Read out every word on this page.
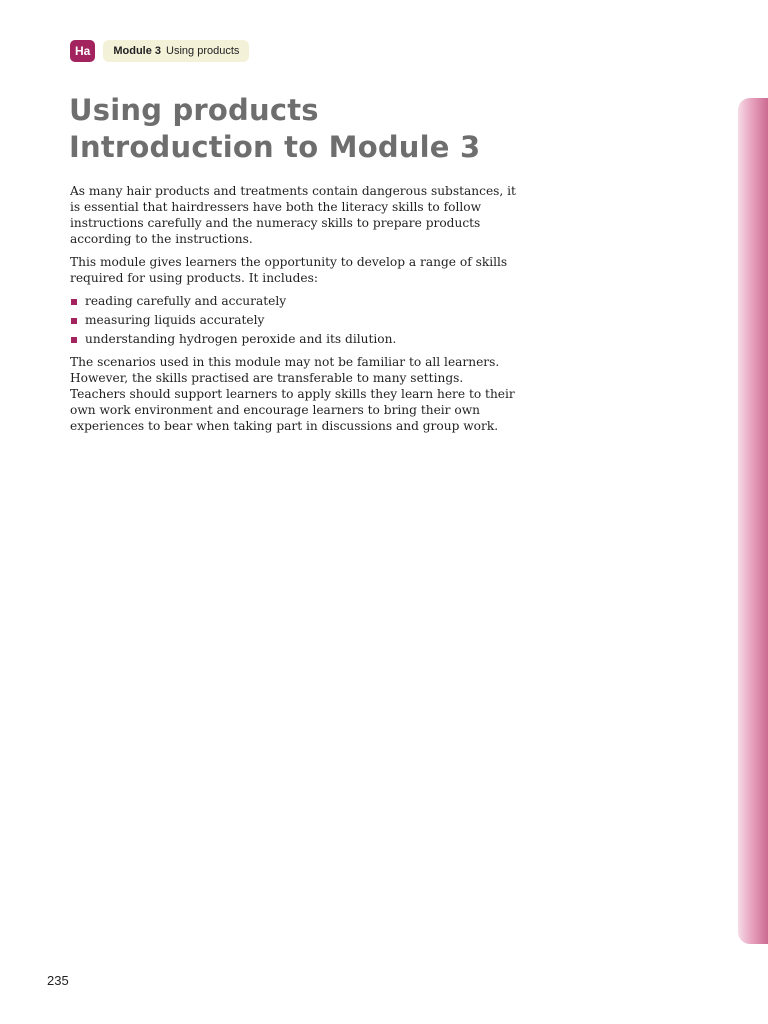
Ha	Module 3 Using products
Using products
Introduction to Module 3

As many hair products and treatments contain dangerous substances, it is essential that hairdressers have both the literacy skills to follow instructions carefully and the numeracy skills to prepare products according to the instructions.

This module gives learners the opportunity to develop a range of skills required for using products. It includes:

reading carefully and accurately
measuring liquids accurately
understanding hydrogen peroxide and its dilution.

The scenarios used in this module may not be familiar to all learners. However, the skills practised are transferable to many settings. Teachers should support learners to apply skills they learn here to their own work environment and encourage learners to bring their own experiences to bear when taking part in discussions and group work.

235
